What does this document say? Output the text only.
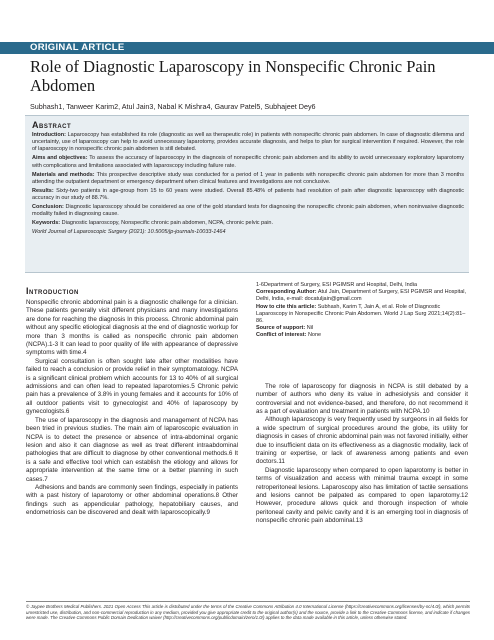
ORIGINAL ARTICLE
Role of Diagnostic Laparoscopy in Nonspecific Chronic Pain Abdomen
Subhash1, Tanweer Karim2, Atul Jain3, Nabal K Mishra4, Gaurav Patel5, Subhajeet Dey6
Abstract

Introduction: Laparoscopy has established its role (diagnostic as well as therapeutic role) in patients with nonspecific chronic pain abdomen. In case of diagnostic dilemma and uncertainty, use of laparoscopy can help to avoid unnecessary laparotomy, provides accurate diagnosis, and helps to plan for surgical intervention if required. However, the role of laparoscopy in nonspecific chronic pain abdomen is still debated.

Aims and objectives: To assess the accuracy of laparoscopy in the diagnosis of nonspecific chronic pain abdomen and its ability to avoid unnecessary exploratory laparotomy with complications and limitations associated with laparoscopy including failure rate.

Materials and methods: This prospective descriptive study was conducted for a period of 1 year in patients with nonspecific chronic pain abdomen for more than 3 months attending the outpatient department or emergency department when clinical features and investigations are not conclusive.

Results: Sixty-two patients in age-group from 15 to 60 years were studied. Overall 85.48% of patients had resolution of pain after diagnostic laparoscopy with diagnostic accuracy in our study of 88.7%.

Conclusion: Diagnostic laparoscopy should be considered as one of the gold standard tests for diagnosing the nonspecific chronic pain abdomen, when noninvasive diagnostic modality failed in diagnosing cause.

Keywords: Diagnostic laparoscopy, Nonspecific chronic pain abdomen, NCPA, chronic pelvic pain.

World Journal of Laparoscopic Surgery (2021): 10.5005/jp-journals-10033-1464

Introduction

Nonspecific chronic abdominal pain is a diagnostic challenge for a clinician. These patients generally visit different physicians and many investigations are done for reaching the diagnosis In this process. Chronic abdominal pain without any specific etiological diagnosis at the end of diagnostic workup for more than 3 months is called as nonspecific chronic pain abdomen (NCPA).1-3 It can lead to poor quality of life with appearance of depressive symptoms with time.4

Surgical consultation is often sought late after other modalities have failed to reach a conclusion or provide relief in their symptomatology. NCPA is a significant clinical problem which accounts for 13 to 40% of all surgical admissions and can often lead to repeated laparotomies.5 Chronic pelvic pain has a prevalence of 3.8% in young females and it accounts for 10% of all outdoor patients visit to gynecologist and 40% of laparoscopy by gynecologists.6

The use of laparoscopy in the diagnosis and management of NCPA has been tried in previous studies. The main aim of laparoscopic evaluation in NCPA is to detect the presence or absence of intra-abdominal organic lesion and also it can diagnose as well as treat different intraabdominal pathologies that are difficult to diagnose by other conventional methods.6 It is a safe and effective tool which can establish the etiology and allows for appropriate intervention at the same time or a better planning in such cases.7

Adhesions and bands are commonly seen findings, especially in patients with a past history of laparotomy or other abdominal operations.8 Other findings such as appendicular pathology, hepatobiliary causes, and endometriosis can be discovered and dealt with laparoscopically.9

1-6Department of Surgery, ESI PGIMSR and Hospital, Delhi, India

Corresponding Author: Atul Jain, Department of Surgery, ESI PGIMSR and Hospital, Delhi, India, e-mail: docatuljain@gmail.com

How to cite this article: Subhash, Karim T, Jain A, et al. Role of Diagnostic Laparoscopy in Nonspecific Chronic Pain Abdomen. World J Lap Surg 2021;14(2):81–86.

Source of support: Nil

Conflict of interest: None

The role of laparoscopy for diagnosis in NCPA is still debated by a number of authors who deny its value in adhesiolysis and consider it controversial and not evidence-based, and therefore, do not recommend it as a part of evaluation and treatment in patients with NCPA.10

Although laparoscopy is very frequently used by surgeons in all fields for a wide spectrum of surgical procedures around the globe, its utility for diagnosis in cases of chronic abdominal pain was not favored initially, either due to insufficient data on its effectiveness as a diagnostic modality, lack of training or expertise, or lack of awareness among patients and even doctors.11

Diagnostic laparoscopy when compared to open laparotomy is better in terms of visualization and access with minimal trauma except in some retroperitoneal lesions. Laparoscopy also has limitation of tactile sensations and lesions cannot be palpated as compared to open laparotomy.12 However, procedure allows quick and thorough inspection of whole peritoneal cavity and pelvic cavity and it is an emerging tool in diagnosis of nonspecific chronic pain abdominal.13

© Jaypee Brothers Medical Publishers. 2021 Open Access This article is distributed under the terms of the Creative Commons Attribution 4.0 International License (https://creativecommons.org/licenses/by-nc/4.0/), which permits unrestricted use, distribution, and non-commercial reproduction in any medium, provided you give appropriate credit to the original author(s) and the source, provide a link to the Creative Commons license, and indicate if changes were made. The Creative Commons Public Domain Dedication waiver (http://creativecommons.org/publicdomain/zero/1.0/) applies to the data made available in this article, unless otherwise stated.
